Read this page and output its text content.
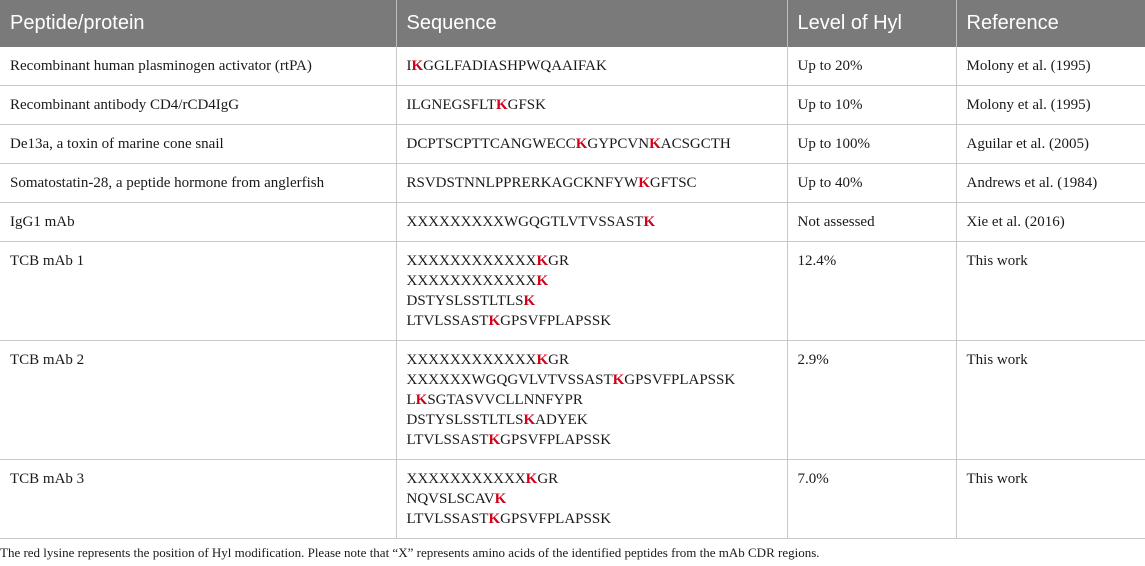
Peptide/protein	Sequence	Level of Hyl	Reference
Recombinant human plasminogen activator (rtPA)	IKGGLFADIASHPWQAAIFAK	Up to 20%	Molony et al. (1995)
Recombinant antibody CD4/rCD4IgG	ILGNEGSFLTKGFSK	Up to 10%	Molony et al. (1995)
De13a, a toxin of marine cone snail	DCPTSCPTTCANGWECCKGYPCVNKACSGCTH	Up to 100%	Aguilar et al. (2005)
Somatostatin-28, a peptide hormone from anglerfish	RSVDSTNNLPPRERKAGCKNFYWKGFTSC	Up to 40%	Andrews et al. (1984)
IgG1 mAb	XXXXXXXXXWGQGTLVTVSSASTK	Not assessed	Xie et al. (2016)
TCB mAb 1	XXXXXXXXXXXXKGR
XXXXXXXXXXXXK
DSTYSLSSTLTLSK
LTVLSSASTKGPSVFPLAPSSK	12.4%	This work
TCB mAb 2	XXXXXXXXXXXXKGR
XXXXXXWGQGVLVTVSSASTKGPSVFPLAPSSK
LKSGTASVVCLLNNFYPR
DSTYSLSSTLTLSKADYEK
LTVLSSASTKGPSVFPLAPSSK	2.9%	This work
TCB mAb 3	XXXXXXXXXXXKGR
NQVSLSCAVK
LTVLSSASTKGPSVFPLAPSSK	7.0%	This work

The red lysine represents the position of Hyl modification. Please note that “X” represents amino acids of the identified peptides from the mAb CDR regions.
